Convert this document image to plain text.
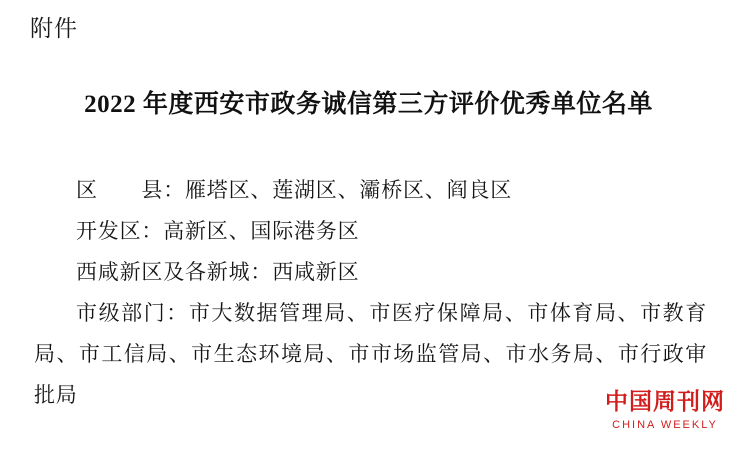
附件
2022 年度西安市政务诚信第三方评价优秀单位名单

区　　县：雁塔区、莲湖区、灞桥区、阎良区

开发区：高新区、国际港务区

西咸新区及各新城：西咸新区

市级部门：市大数据管理局、市医疗保障局、市体育局、市教育局、市工信局、市生态环境局、市市场监管局、市水务局、市行政审批局	中国周刊网
CHINA WEEKLY
